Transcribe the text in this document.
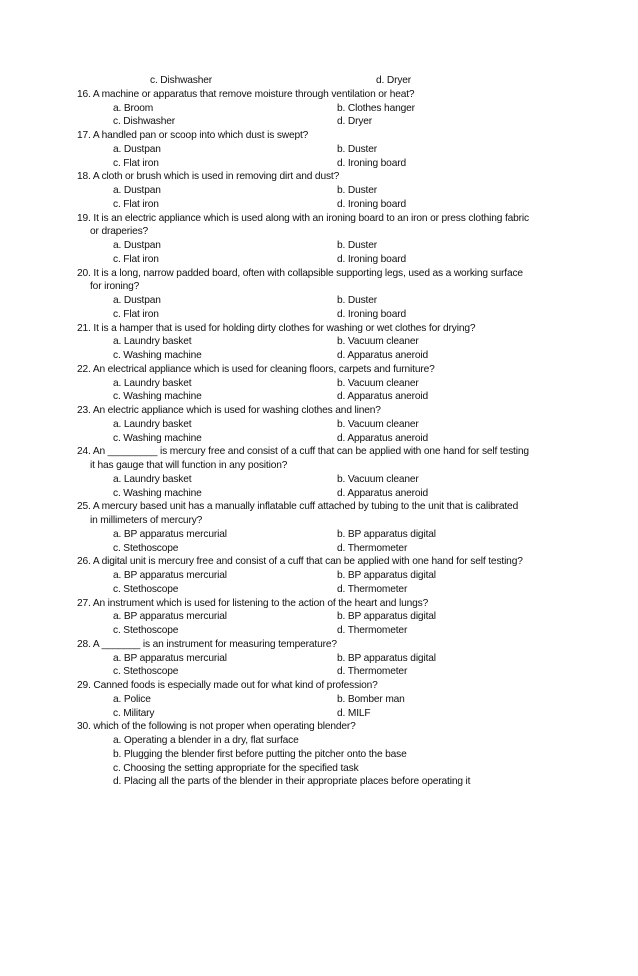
c. Dishwasher	d. Dryer
16. A machine or apparatus that remove moisture through ventilation or heat?
a. Broom	b. Clothes hanger
c. Dishwasher	d. Dryer
17. A handled pan or scoop into which dust is swept?
a. Dustpan	b. Duster
c. Flat iron	d. Ironing board
18. A cloth or brush which is used in removing dirt and dust?
a. Dustpan	b. Duster
c. Flat iron	d. Ironing board
19. It is an electric appliance which is used along with an ironing board to an iron or press clothing fabric
or draperies?
a. Dustpan	b. Duster
c. Flat iron	d. Ironing board
20. It is a long, narrow padded board, often with collapsible supporting legs, used as a working surface
for ironing?
a. Dustpan	b. Duster
c. Flat iron	d. Ironing board
21. It is a hamper that is used for holding dirty clothes for washing or wet clothes for drying?
a. Laundry basket	b. Vacuum cleaner
c. Washing machine	d. Apparatus aneroid
22. An electrical appliance which is used for cleaning floors, carpets and furniture?
a. Laundry basket	b. Vacuum cleaner
c. Washing machine	d. Apparatus aneroid
23. An electric appliance which is used for washing clothes and linen?
a. Laundry basket	b. Vacuum cleaner
c. Washing machine	d. Apparatus aneroid
24. An _________ is mercury free and consist of a cuff that can be applied with one hand for self testing
it has gauge that will function in any position?
a. Laundry basket	b. Vacuum cleaner
c. Washing machine	d. Apparatus aneroid
25. A mercury based unit has a manually inflatable cuff attached by tubing to the unit that is calibrated
in millimeters of mercury?
a. BP apparatus mercurial	b. BP apparatus digital
c. Stethoscope	d. Thermometer
26. A digital unit is mercury free and consist of a cuff that can be applied with one hand for self testing?
a. BP apparatus mercurial	b. BP apparatus digital
c. Stethoscope	d. Thermometer
27. An instrument which is used for listening to the action of the heart and lungs?
a. BP apparatus mercurial	b. BP apparatus digital
c. Stethoscope	d. Thermometer
28. A _______ is an instrument for measuring temperature?
a. BP apparatus mercurial	b. BP apparatus digital
c. Stethoscope	d. Thermometer
29. Canned foods is especially made out for what kind of profession?
a. Police	b. Bomber man
c. Military	d. MILF
30. which of the following is not proper when operating blender?
a. Operating a blender in a dry, flat surface
b. Plugging the blender first before putting the pitcher onto the base
c. Choosing the setting appropriate for the specified task
d. Placing all the parts of the blender in their appropriate places before operating it
